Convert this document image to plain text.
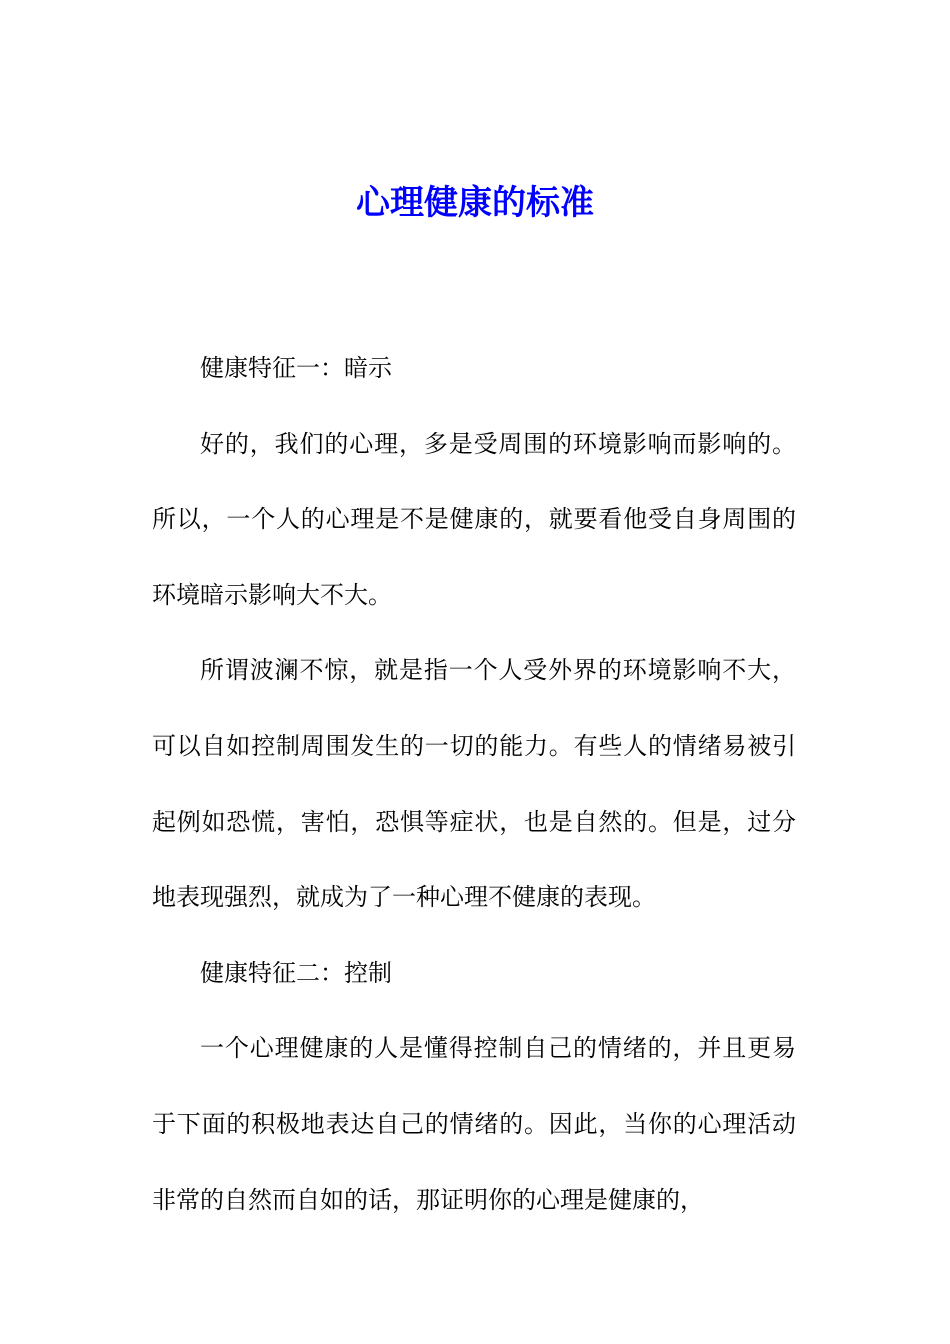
心理健康的标准

健康特征一：暗示

好的，我们的心理，多是受周围的环境影响而影响的。所以，一个人的心理是不是健康的，就要看他受自身周围的环境暗示影响大不大。

所谓波澜不惊，就是指一个人受外界的环境影响不大，可以自如控制周围发生的一切的能力。有些人的情绪易被引起例如恐慌，害怕，恐惧等症状，也是自然的。但是，过分地表现强烈，就成为了一种心理不健康的表现。

健康特征二：控制

一个心理健康的人是懂得控制自己的情绪的，并且更易于下面的积极地表达自己的情绪的。因此，当你的心理活动非常的自然而自如的话，那证明你的心理是健康的，
